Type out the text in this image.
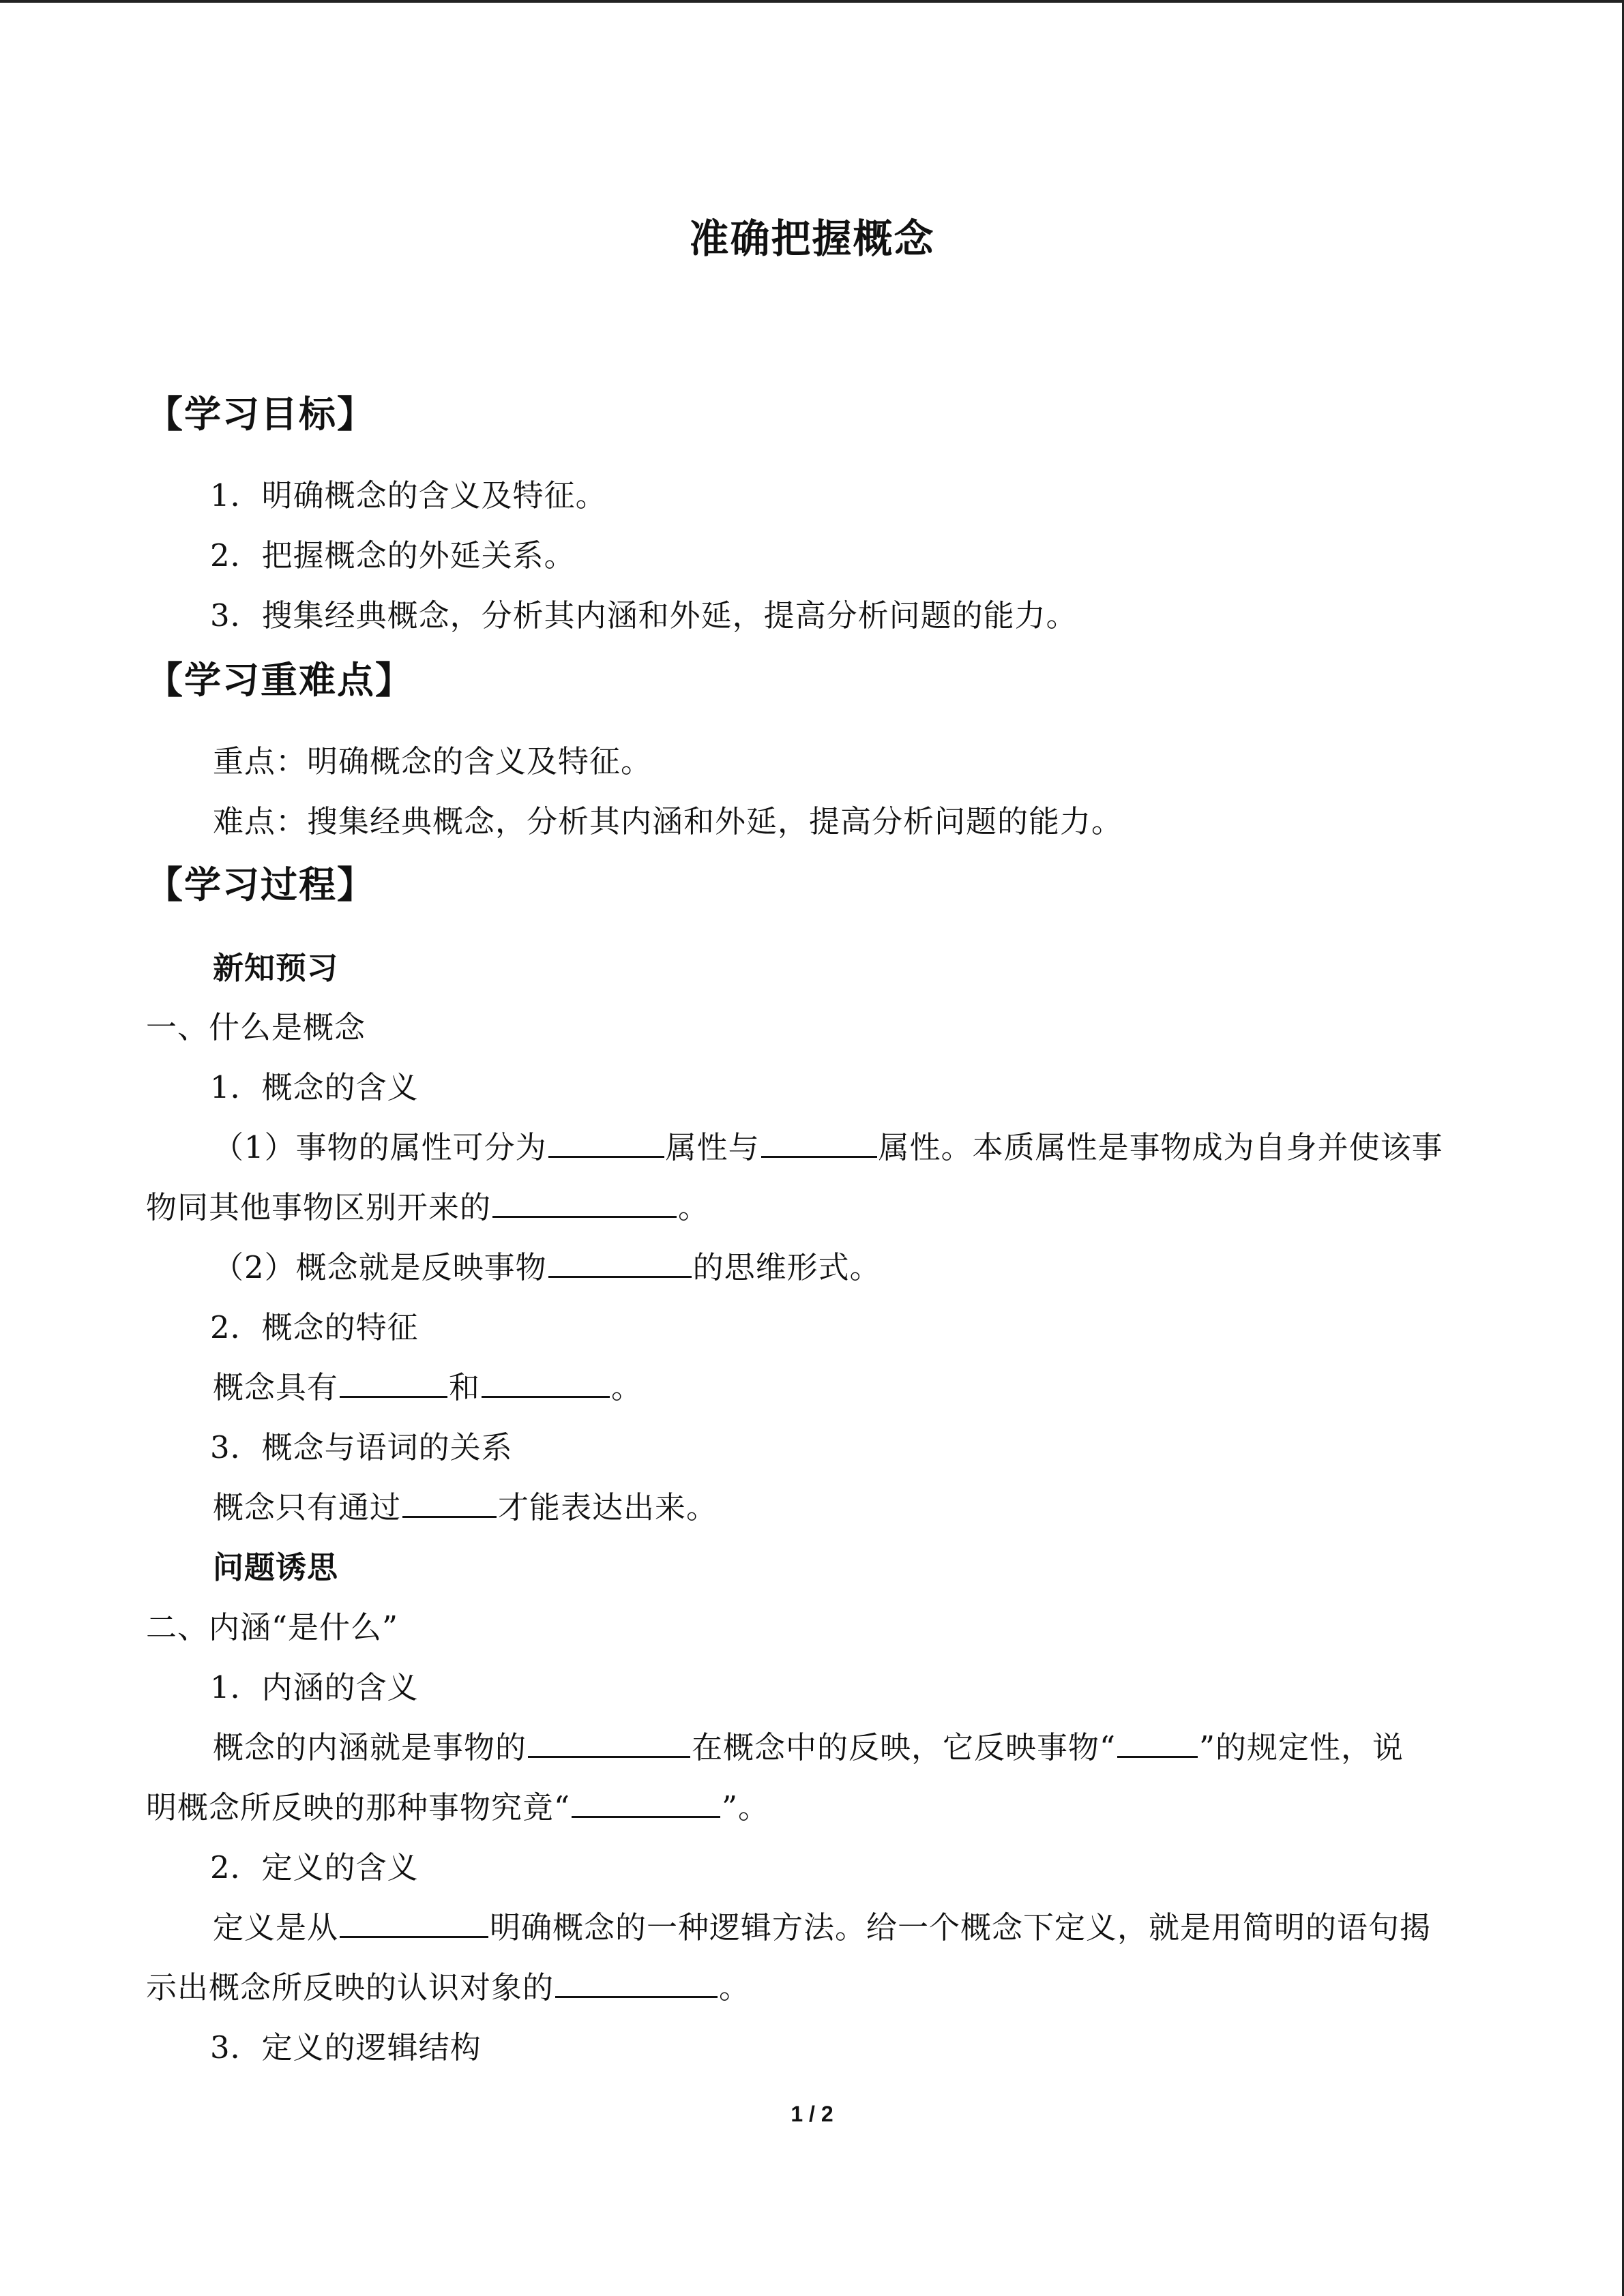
准确把握概念
【学习目标】
1．明确概念的含义及特征。
2．把握概念的外延关系。
3．搜集经典概念，分析其内涵和外延，提高分析问题的能力。
【学习重难点】
重点：明确概念的含义及特征。
难点：搜集经典概念，分析其内涵和外延，提高分析问题的能力。
【学习过程】
新知预习
一、什么是概念
1．概念的含义
（1）事物的属性可分为	属性与	属性。本质属性是事物成为自身并使该事
物同其他事物区别开来的	。
（2）概念就是反映事物	的思维形式。
2．概念的特征
概念具有	和	。
3．概念与语词的关系
概念只有通过	才能表达出来。
问题诱思
二、内涵“是什么”
1．内涵的含义
概念的内涵就是事物的	在概念中的反映，它反映事物“	”的规定性，说
明概念所反映的那种事物究竟“	”。
2．定义的含义
定义是从	明确概念的一种逻辑方法。给一个概念下定义，就是用简明的语句揭
示出概念所反映的认识对象的	。
3．定义的逻辑结构
1 / 2
